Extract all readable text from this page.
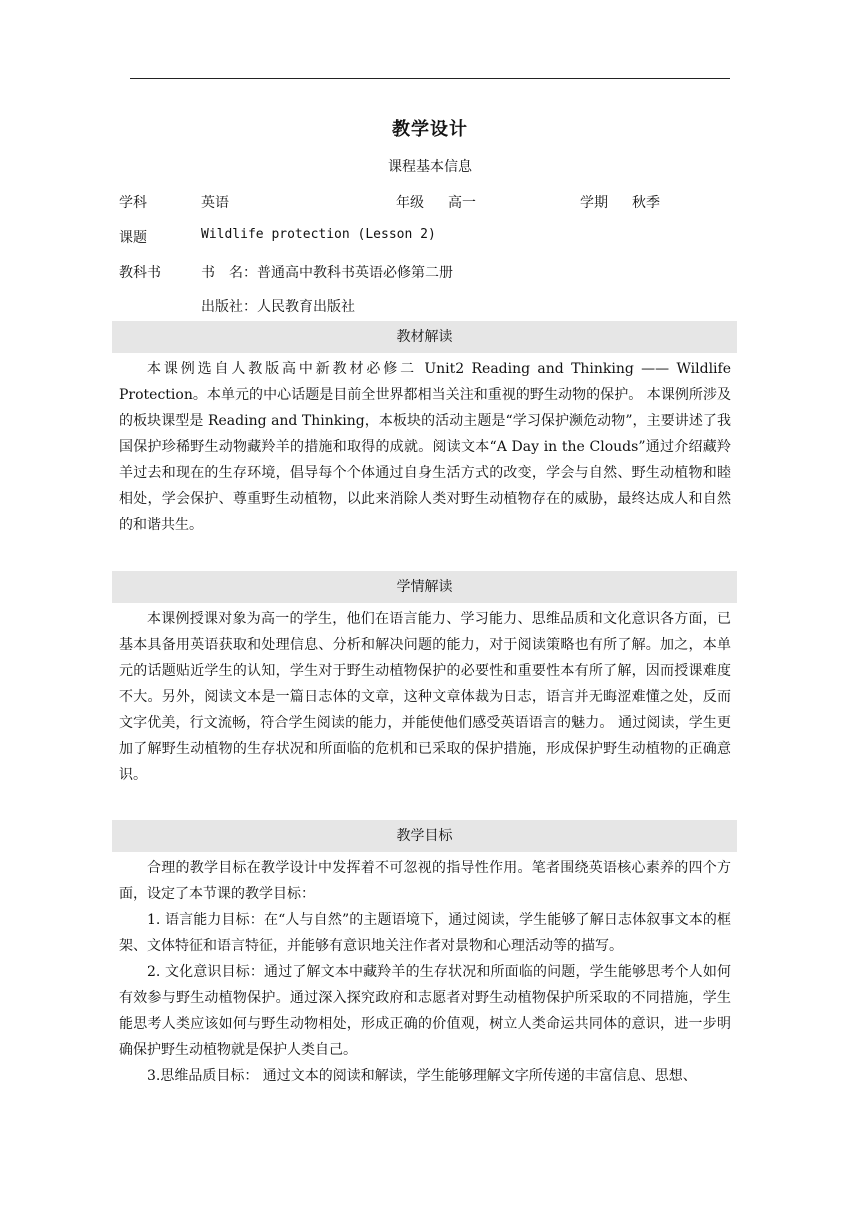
教学设计
课程基本信息
学科	英语	年级 高一	学期 秋季
课题	Wildlife protection (Lesson 2)
教科书	书　名：普通高中教科书英语必修第二册
出版社：人民教育出版社
教材解读

本课例选自人教版高中新教材必修二 Unit2 Reading and Thinking —— Wildlife Protection。本单元的中心话题是目前全世界都相当关注和重视的野生动物的保护。 本课例所涉及的板块课型是 Reading and Thinking，本板块的活动主题是“学习保护濒危动物”，主要讲述了我国保护珍稀野生动物藏羚羊的措施和取得的成就。阅读文本“A Day in the Clouds”通过介绍藏羚羊过去和现在的生存环境，倡导每个个体通过自身生活方式的改变，学会与自然、野生动植物和睦相处，学会保护、尊重野生动植物，以此来消除人类对野生动植物存在的威胁，最终达成人和自然的和谐共生。

学情解读

本课例授课对象为高一的学生，他们在语言能力、学习能力、思维品质和文化意识各方面，已基本具备用英语获取和处理信息、分析和解决问题的能力，对于阅读策略也有所了解。加之，本单元的话题贴近学生的认知，学生对于野生动植物保护的必要性和重要性本有所了解，因而授课难度不大。另外，阅读文本是一篇日志体的文章，这种文章体裁为日志，语言并无晦涩难懂之处，反而文字优美，行文流畅，符合学生阅读的能力，并能使他们感受英语语言的魅力。 通过阅读，学生更加了解野生动植物的生存状况和所面临的危机和已采取的保护措施，形成保护野生动植物的正确意识。

教学目标

合理的教学目标在教学设计中发挥着不可忽视的指导性作用。笔者围绕英语核心素养的四个方面，设定了本节课的教学目标：

1. 语言能力目标：在“人与自然”的主题语境下，通过阅读，学生能够了解日志体叙事文本的框架、文体特征和语言特征，并能够有意识地关注作者对景物和心理活动等的描写。

2. 文化意识目标：通过了解文本中藏羚羊的生存状况和所面临的问题，学生能够思考个人如何有效参与野生动植物保护。通过深入探究政府和志愿者对野生动植物保护所采取的不同措施，学生能思考人类应该如何与野生动物相处，形成正确的价值观，树立人类命运共同体的意识，进一步明确保护野生动植物就是保护人类自己。

3.思维品质目标： 通过文本的阅读和解读，学生能够理解文字所传递的丰富信息、思想、
